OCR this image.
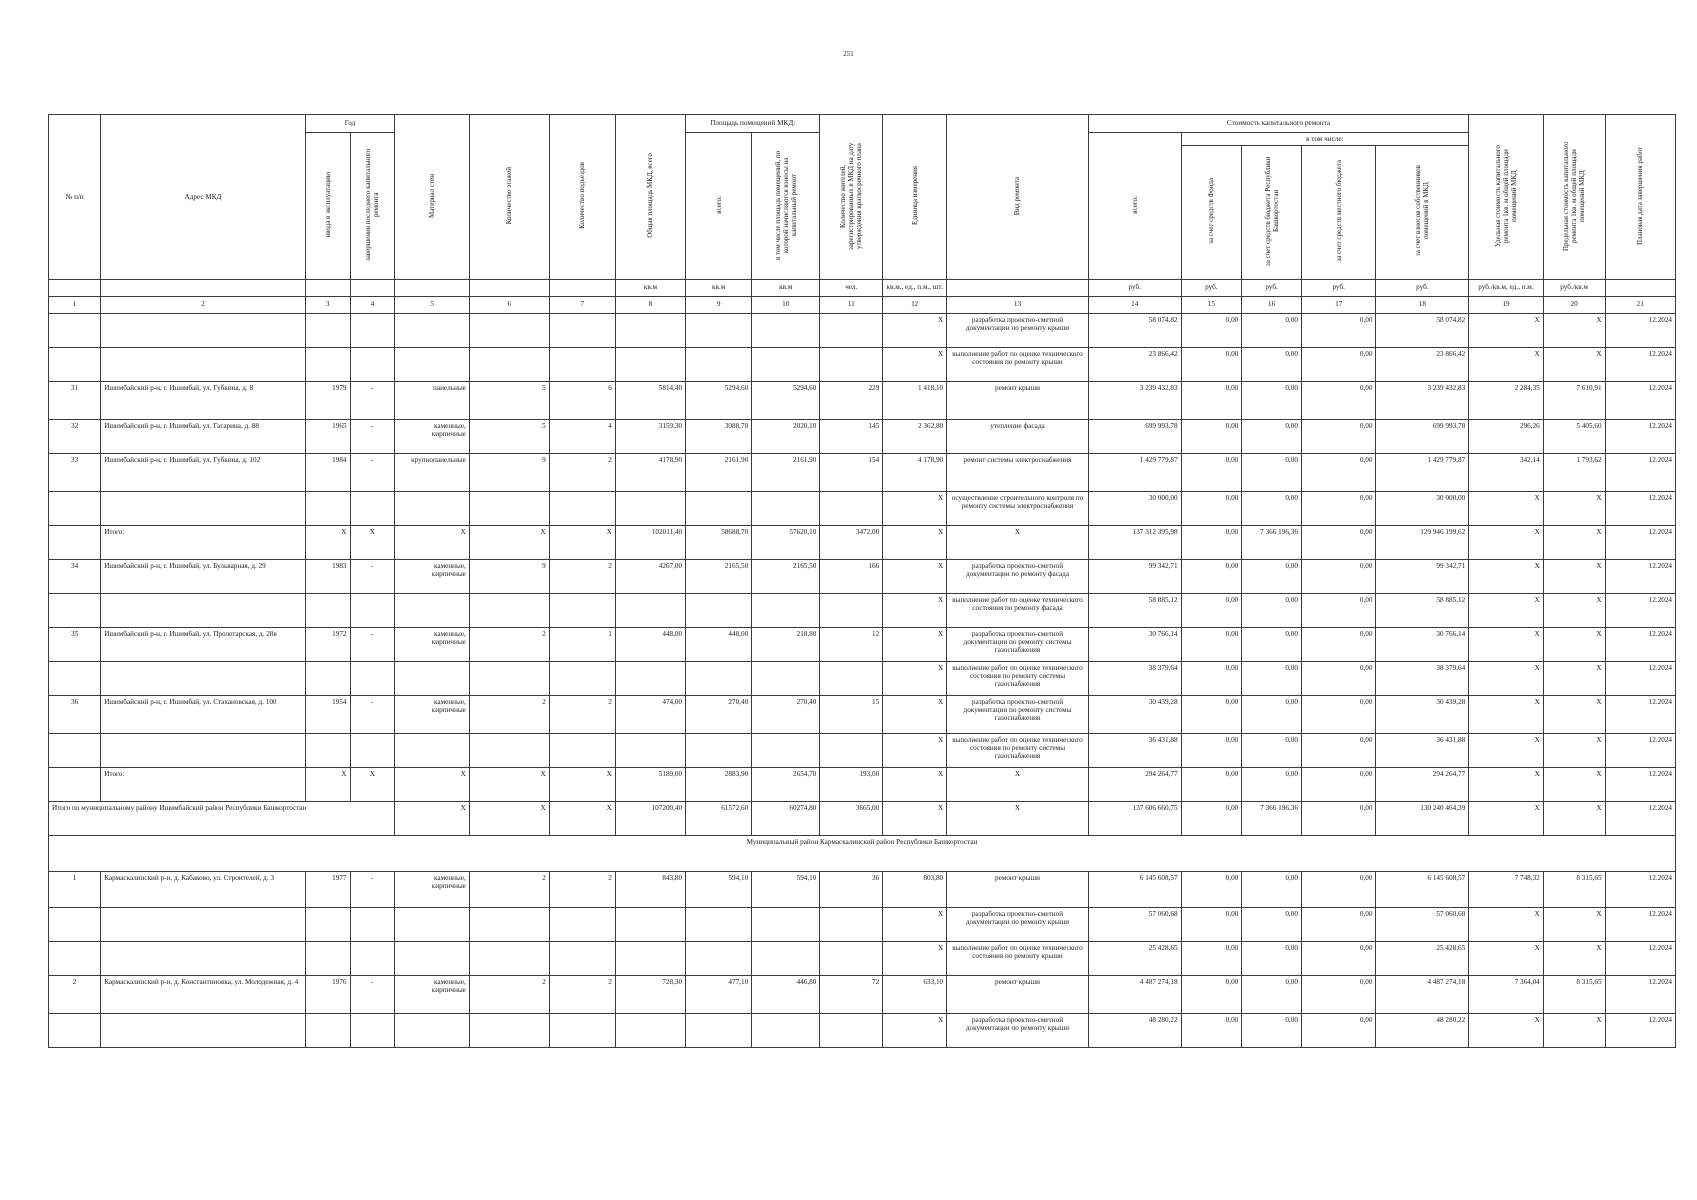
251
№ п/п	Адрес МКД	Год		Материал стен	Количество этажей	Количество подъездов	Общая площадь МКД, всего	Площадь помещений МКД:		Количество жителей, зарегистрированных в МКД на дату утверждения краткосрочного плана	Единица измерения	Вид ремонта	Стоимость капитального ремонта					Удельная стоимость капитального ремонта 1кв. м общей площади помещений МКД	Предельная стоимость капитального ремонта 1кв. м общей площади помещений МКД	Плановая дата завершения работ
		ввода в эксплуатацию	завершения последнего капитального ремонта					всего:	в том числе площадь помещений, по которой начисляются взносы на капитальный ремонт				всего:	в том числе:						
														за счет средств Фонда	за счет средств бюджета Республики Башкортостан	за счет средств местного бюджета	за счет взносов собственников помещений в МКД			
							кв.м	кв.м	кв.м	чел.	кв.м., ед., п.м., шт.		руб.	руб.	руб.	руб.	руб.	руб./кв.м, ед., п.м.	руб./кв.м	
1	2	3	4	5	6	7	8	9	10	11	12	13	14	15	16	17	18	19	20	21
											X	разработка проектно-сметной документации по ремонту крыши	58 074,82	0,00	0,00	0,00	58 074,82	X	X	12.2024
											X	выполнение работ по оценке технического состояния по ремонту крыши	23 866,42	0,00	0,00	0,00	23 866,42	X	X	12.2024
31	Ишимбайский р-н, г. Ишимбай, ул. Губкина, д. 8	1979	-	панельные	5	6	5814,40	5294,60	5294,60	229	1 418,10	ремонт крыши	3 239 432,83	0,00	0,00	0,00	3 239 432,83	2 284,35	7 610,91	12.2024
32	Ишимбайский р-н, г. Ишимбай, ул. Гагарина, д. 88	1965	-	каменные, кирпичные	5	4	3159,30	3088,70	2020,10	145	2 362,80	утепление фасада	699 993,78	0,00	0,00	0,00	699 993,78	296,26	5 405,60	12.2024
33	Ишимбайский р-н, г. Ишимбай, ул. Губкина, д. 102	1984	-	крупнопанельные	9	2	4178,90	2161,90	2161,90	154	4 178,90	ремонт системы электроснабжения	1 429 779,87	0,00	0,00	0,00	1 429 779,87	342,14	1 793,62	12.2024
											X	осуществление строительного контроля по ремонту системы электроснабжения	30 000,00	0,00	0,00	0,00	30 000,00	X	X	12.2024
	Итого:	X	X	X	X	X	102011,40	58688,70	57620,10	3472,00	X	X	137 312 395,98	0,00	7 366 196,36	0,00	129 946 199,62	X	X	12.2024
34	Ишимбайский р-н, г. Ишимбай, ул. Бульварная, д. 29	1983	-	каменные, кирпичные	9	2	4267,00	2165,50	2165,50	166	X	разработка проектно-сметной документации по ремонту фасада	99 342,71	0,00	0,00	0,00	99 342,71	X	X	12.2024
											X	выполнение работ по оценке технического состояния по ремонту фасада	58 885,12	0,00	0,00	0,00	58 885,12	X	X	12.2024
35	Ишимбайский р-н, г. Ишимбай, ул. Пролетарская, д. 28в	1972	-	каменные, кирпичные	2	1	448,00	448,00	218,80	12	X	разработка проектно-сметной документации по ремонту системы газоснабжения	30 766,14	0,00	0,00	0,00	30 766,14	X	X	12.2024
											X	выполнение работ по оценке технического состояния по ремонту системы газоснабжения	38 379,64	0,00	0,00	0,00	38 379,64	X	X	12.2024
36	Ишимбайский р-н, г. Ишимбай, ул. Стахановская, д. 100	1954	-	каменные, кирпичные	2	2	474,00	270,40	270,40	15	X	разработка проектно-сметной документации по ремонту системы газоснабжения	30 439,28	0,00	0,00	0,00	30 439,28	X	X	12.2024
											X	выполнение работ по оценке технического состояния по ремонту системы газоснабжения	36 431,88	0,00	0,00	0,00	36 431,88	X	X	12.2024
	Итого:	X	X	X	X	X	5189,00	2883,90	2654,70	193,00	X	X	294 264,77	0,00	0,00	0,00	294 264,77	X	X	12.2024
Итого по муниципальному району Ишимбайский район Республики Башкортостан				X	X	X	107200,40	61572,60	60274,80	3665,00	X	X	137 606 660,75	0,00	7 366 196,36	0,00	130 240 464,39	X	X	12.2024
Муниципальный район Кармаскалинский район Республики Башкортостан																				
1	Кармаскалинский р-н, д. Кабаково, ул. Строителей, д. 3	1977	-	каменные, кирпичные	2	2	843,80	594,10	594,10	36	803,80	ремонт крыши	6 145 608,57	0,00	0,00	0,00	6 145 608,57	7 748,32	8 315,65	12.2024
											X	разработка проектно-сметной документации по ремонту крыши	57 060,68	0,00	0,00	0,00	57 060,68	X	X	12.2024
											X	выполнение работ по оценке технического состояния по ремонту крыши	25 428,65	0,00	0,00	0,00	25 428,65	X	X	12.2024
2	Кармаскалинский р-н, д. Константиновка, ул. Молодежная, д. 4	1976	-	каменные, кирпичные	2	2	728,30	477,10	446,80	72	633,10	ремонт крыши	4 487 274,18	0,00	0,00	0,00	4 487 274,18	7 364,04	8 315,65	12.2024
											X	разработка проектно-сметной документации по ремонту крыши	48 280,22	0,00	0,00	0,00	48 280,22	X	X	12.2024
